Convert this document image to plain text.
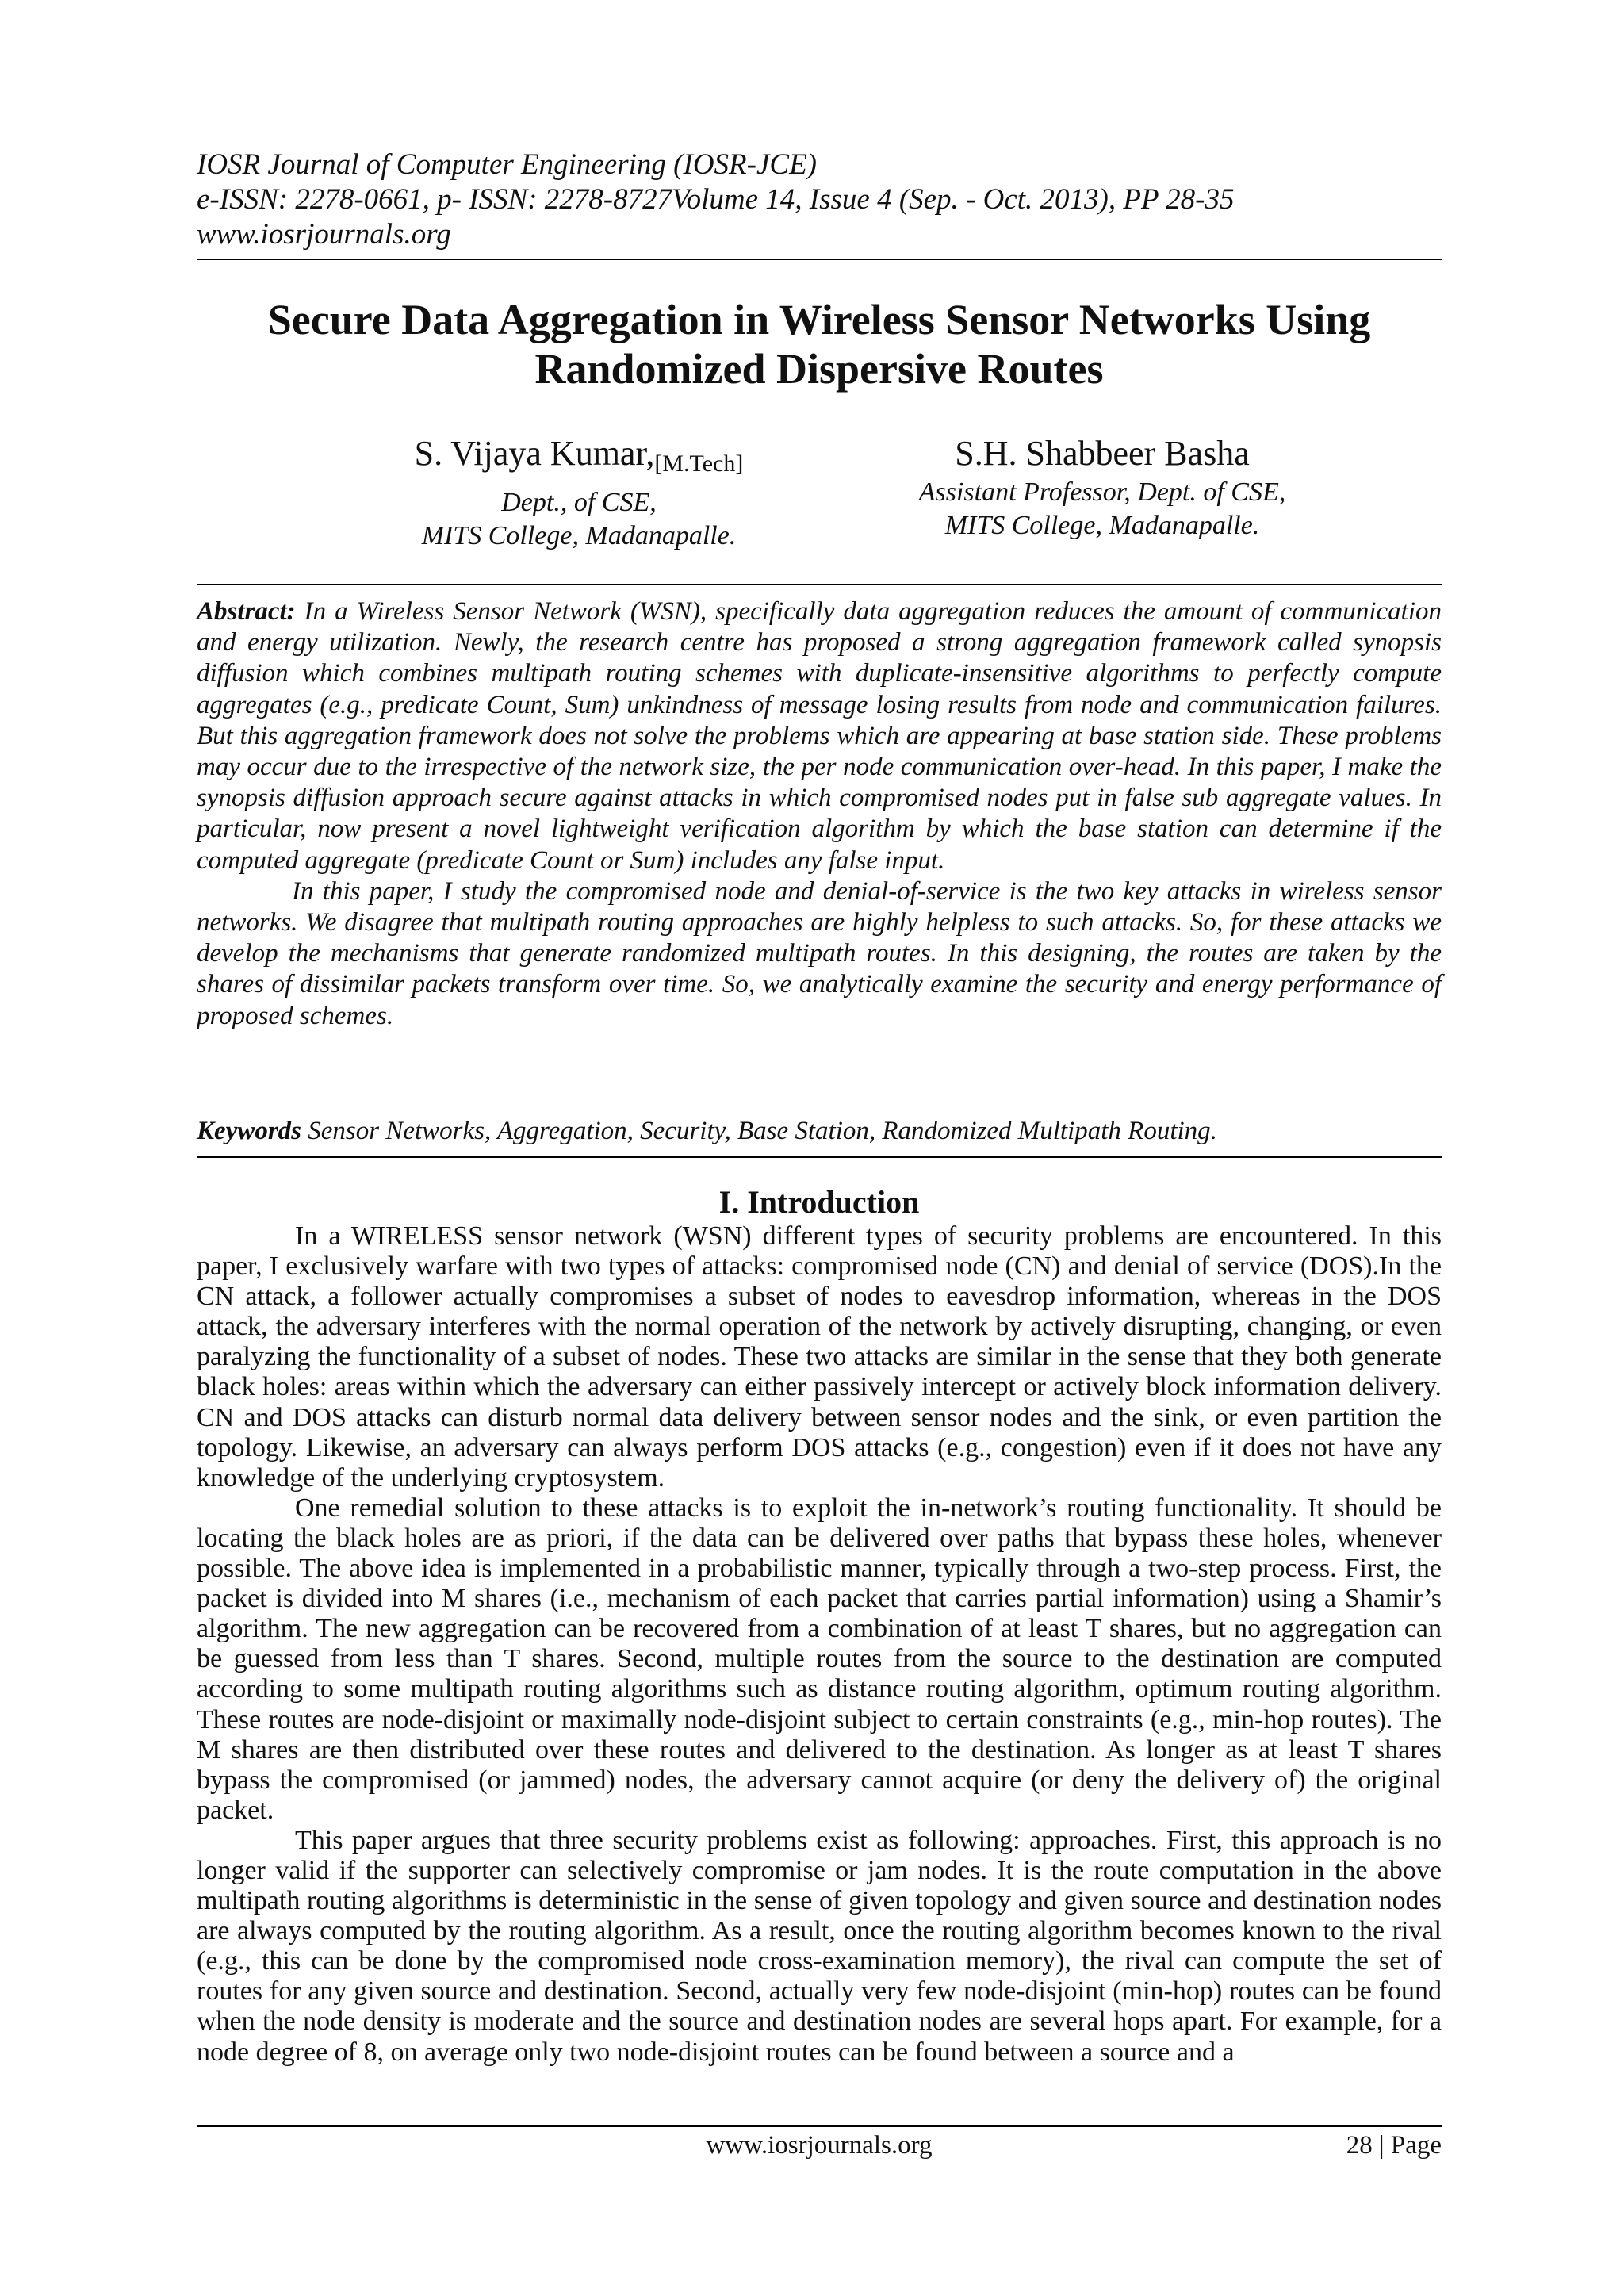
IOSR Journal of Computer Engineering (IOSR-JCE)
e-ISSN: 2278-0661, p- ISSN: 2278-8727Volume 14, Issue 4 (Sep. - Oct. 2013), PP 28-35
www.iosrjournals.org
Secure Data Aggregation in Wireless Sensor Networks Using
Randomized Dispersive Routes
S. Vijaya $Kumar,_{[M.Tech]}$
Dept., of CSE,
MITS College, Madanapalle.
S.H. Shabbeer Basha
Assistant Professor, Dept. of CSE,
MITS College, Madanapalle.

Abstract: In a Wireless Sensor Network (WSN), specifically data aggregation reduces the amount of communication and energy utilization. Newly, the research centre has proposed a strong aggregation framework called synopsis diffusion which combines multipath routing schemes with duplicate-insensitive algorithms to perfectly compute aggregates (e.g., predicate Count, Sum) unkindness of message losing results from node and communication failures. But this aggregation framework does not solve the problems which are appearing at base station side. These problems may occur due to the irrespective of the network size, the per node communication over-head. In this paper, I make the synopsis diffusion approach secure against attacks in which compromised nodes put in false sub aggregate values. In particular, now present a novel lightweight verification algorithm by which the base station can determine if the computed aggregate (predicate Count or Sum) includes any false input.

In this paper, I study the compromised node and denial-of-service is the two key attacks in wireless sensor networks. We disagree that multipath routing approaches are highly helpless to such attacks. So, for these attacks we develop the mechanisms that generate randomized multipath routes. In this designing, the routes are taken by the shares of dissimilar packets transform over time. So, we analytically examine the security and energy performance of proposed schemes.

Keywords Sensor Networks, Aggregation, Security, Base Station, Randomized Multipath Routing.
I. Introduction

In a WIRELESS sensor network (WSN) different types of security problems are encountered. In this paper, I exclusively warfare with two types of attacks: compromised node (CN) and denial of service (DOS).In the CN attack, a follower actually compromises a subset of nodes to eavesdrop information, whereas in the DOS attack, the adversary interferes with the normal operation of the network by actively disrupting, changing, or even paralyzing the functionality of a subset of nodes. These two attacks are similar in the sense that they both generate black holes: areas within which the adversary can either passively intercept or actively block information delivery. CN and DOS attacks can disturb normal data delivery between sensor nodes and the sink, or even partition the topology. Likewise, an adversary can always perform DOS attacks (e.g., congestion) even if it does not have any knowledge of the underlying cryptosystem.

One remedial solution to these attacks is to exploit the in-network’s routing functionality. It should be locating the black holes are as priori, if the data can be delivered over paths that bypass these holes, whenever possible. The above idea is implemented in a probabilistic manner, typically through a two-step process. First, the packet is divided into M shares (i.e., mechanism of each packet that carries partial information) using a Shamir’s algorithm. The new aggregation can be recovered from a combination of at least T shares, but no aggregation can be guessed from less than T shares. Second, multiple routes from the source to the destination are computed according to some multipath routing algorithms such as distance routing algorithm, optimum routing algorithm. These routes are node-disjoint or maximally node-disjoint subject to certain constraints (e.g., min-hop routes). The M shares are then distributed over these routes and delivered to the destination. As longer as at least T shares bypass the compromised (or jammed) nodes, the adversary cannot acquire (or deny the delivery of) the original packet.

This paper argues that three security problems exist as following: approaches. First, this approach is no longer valid if the supporter can selectively compromise or jam nodes. It is the route computation in the above multipath routing algorithms is deterministic in the sense of given topology and given source and destination nodes are always computed by the routing algorithm. As a result, once the routing algorithm becomes known to the rival (e.g., this can be done by the compromised node cross-examination memory), the rival can compute the set of routes for any given source and destination. Second, actually very few node-disjoint (min-hop) routes can be found when the node density is moderate and the source and destination nodes are several hops apart. For example, for a node degree of 8, on average only two node-disjoint routes can be found between a source and a

www.iosrjournals.org	28 | Page
